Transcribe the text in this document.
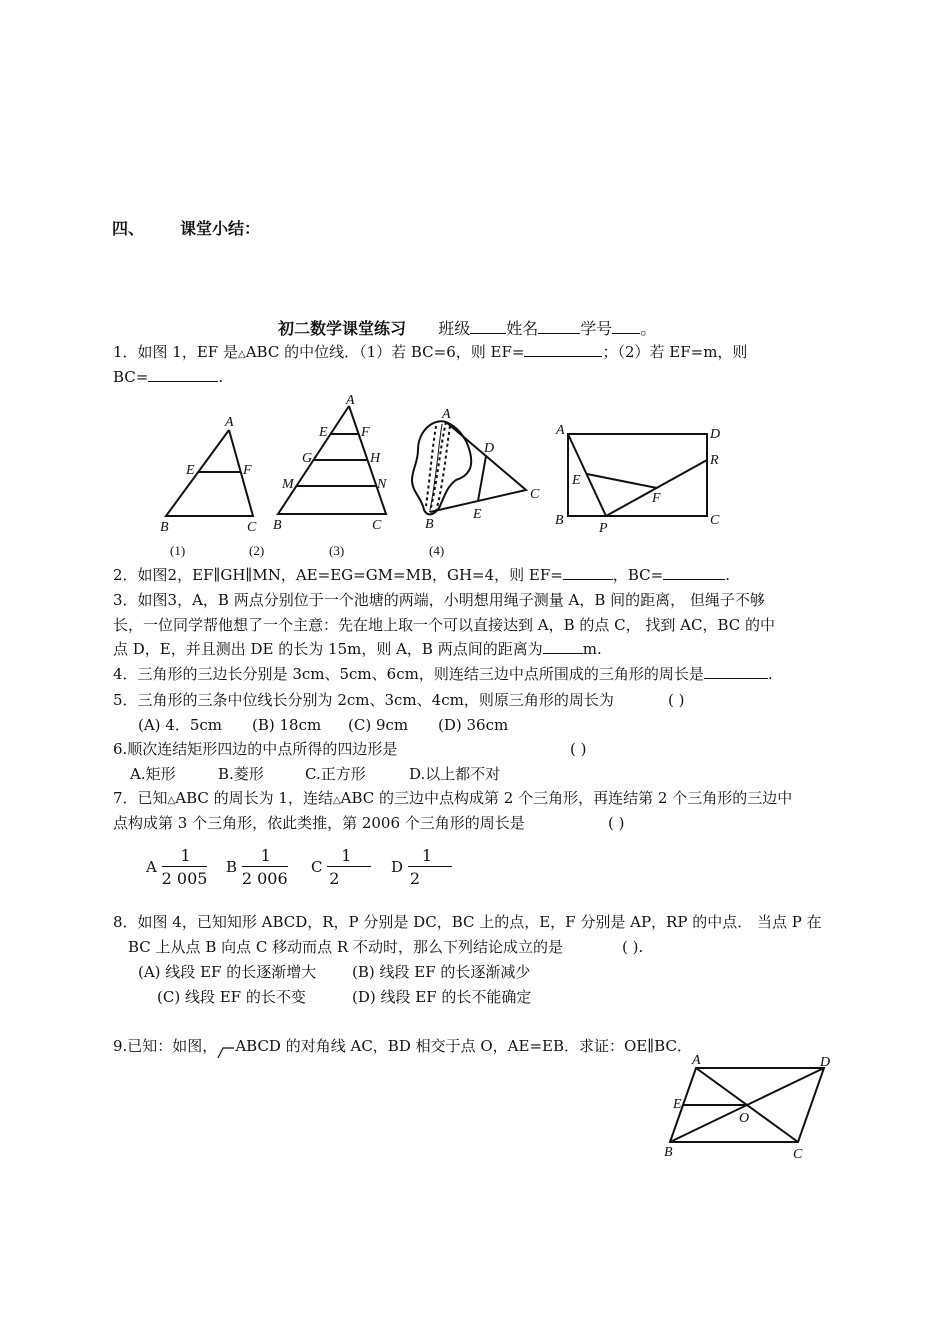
四、 课堂小结：
初二数学课堂练习 班级 姓名	学号 。
1．如图 1，EF 是△ABC 的中位线．（1）若 BC=6，则 EF=	；（2）若 EF=m，则
BC=	.
A
E	F
B	C
A
E F
G	H
M	N
B	C
A
D
C
E
B
A	D
R
E
F
B
P
C
(1)	(2)	(3)	(4)
2．如图2，EF∥GH∥MN，AE=EG=GM=MB，GH=4，则 EF=	，BC=	.
3．如图3，A，B 两点分别位于一个池塘的两端，小明想用绳子测量 A，B 间的距离， 但绳子不够
长，一位同学帮他想了一个主意：先在地上取一个可以直接达到 A，B 的点 C， 找到 AC，BC 的中
点 D，E，并且测出 DE 的长为 15m，则 A，B 两点间的距离为	m.
4．三角形的三边长分别是 3cm、5cm、6cm，则连结三边中点所围成的三角形的周长是	.
5．三角形的三条中位线长分别为 2cm、3cm、4cm，则原三角形的周长为	( )
(A) 4．5cm (B) 18cm (C) 9cm (D) 36cm
6.顺次连结矩形四边的中点所得的四边形是	( )
A.矩形	B.菱形	C.正方形	D.以上都不对
7．已知△ABC 的周长为 1，连结△ABC 的三边中点构成第 2 个三角形，再连结第 2 个三角形的三边中
点构成第 3 个三角形，依此类推，第 2006 个三角形的周长是	( )
A $\frac{1}{2 005}$ B $\frac{1}{2 006}$ C $\frac{1}{2}$ D $\frac{1}{2}$
8．如图 4，已知知形 ABCD，R，P 分别是 DC，BC 上的点，E，F 分别是 AP，RP 的中点． 当点 P 在
BC 上从点 B 向点 C 移动而点 R 不动时，那么下列结论成立的是	( ).
(A) 线段 EF 的长逐渐增大 (B) 线段 EF 的长逐渐减少
(C) 线段 EF 的长不变	(D) 线段 EF 的长不能确定
9.已知：如图， ABCD 的对角线 AC，BD 相交于点 O，AE=EB．求证：OE∥BC．
A	D
E
O
B	C
